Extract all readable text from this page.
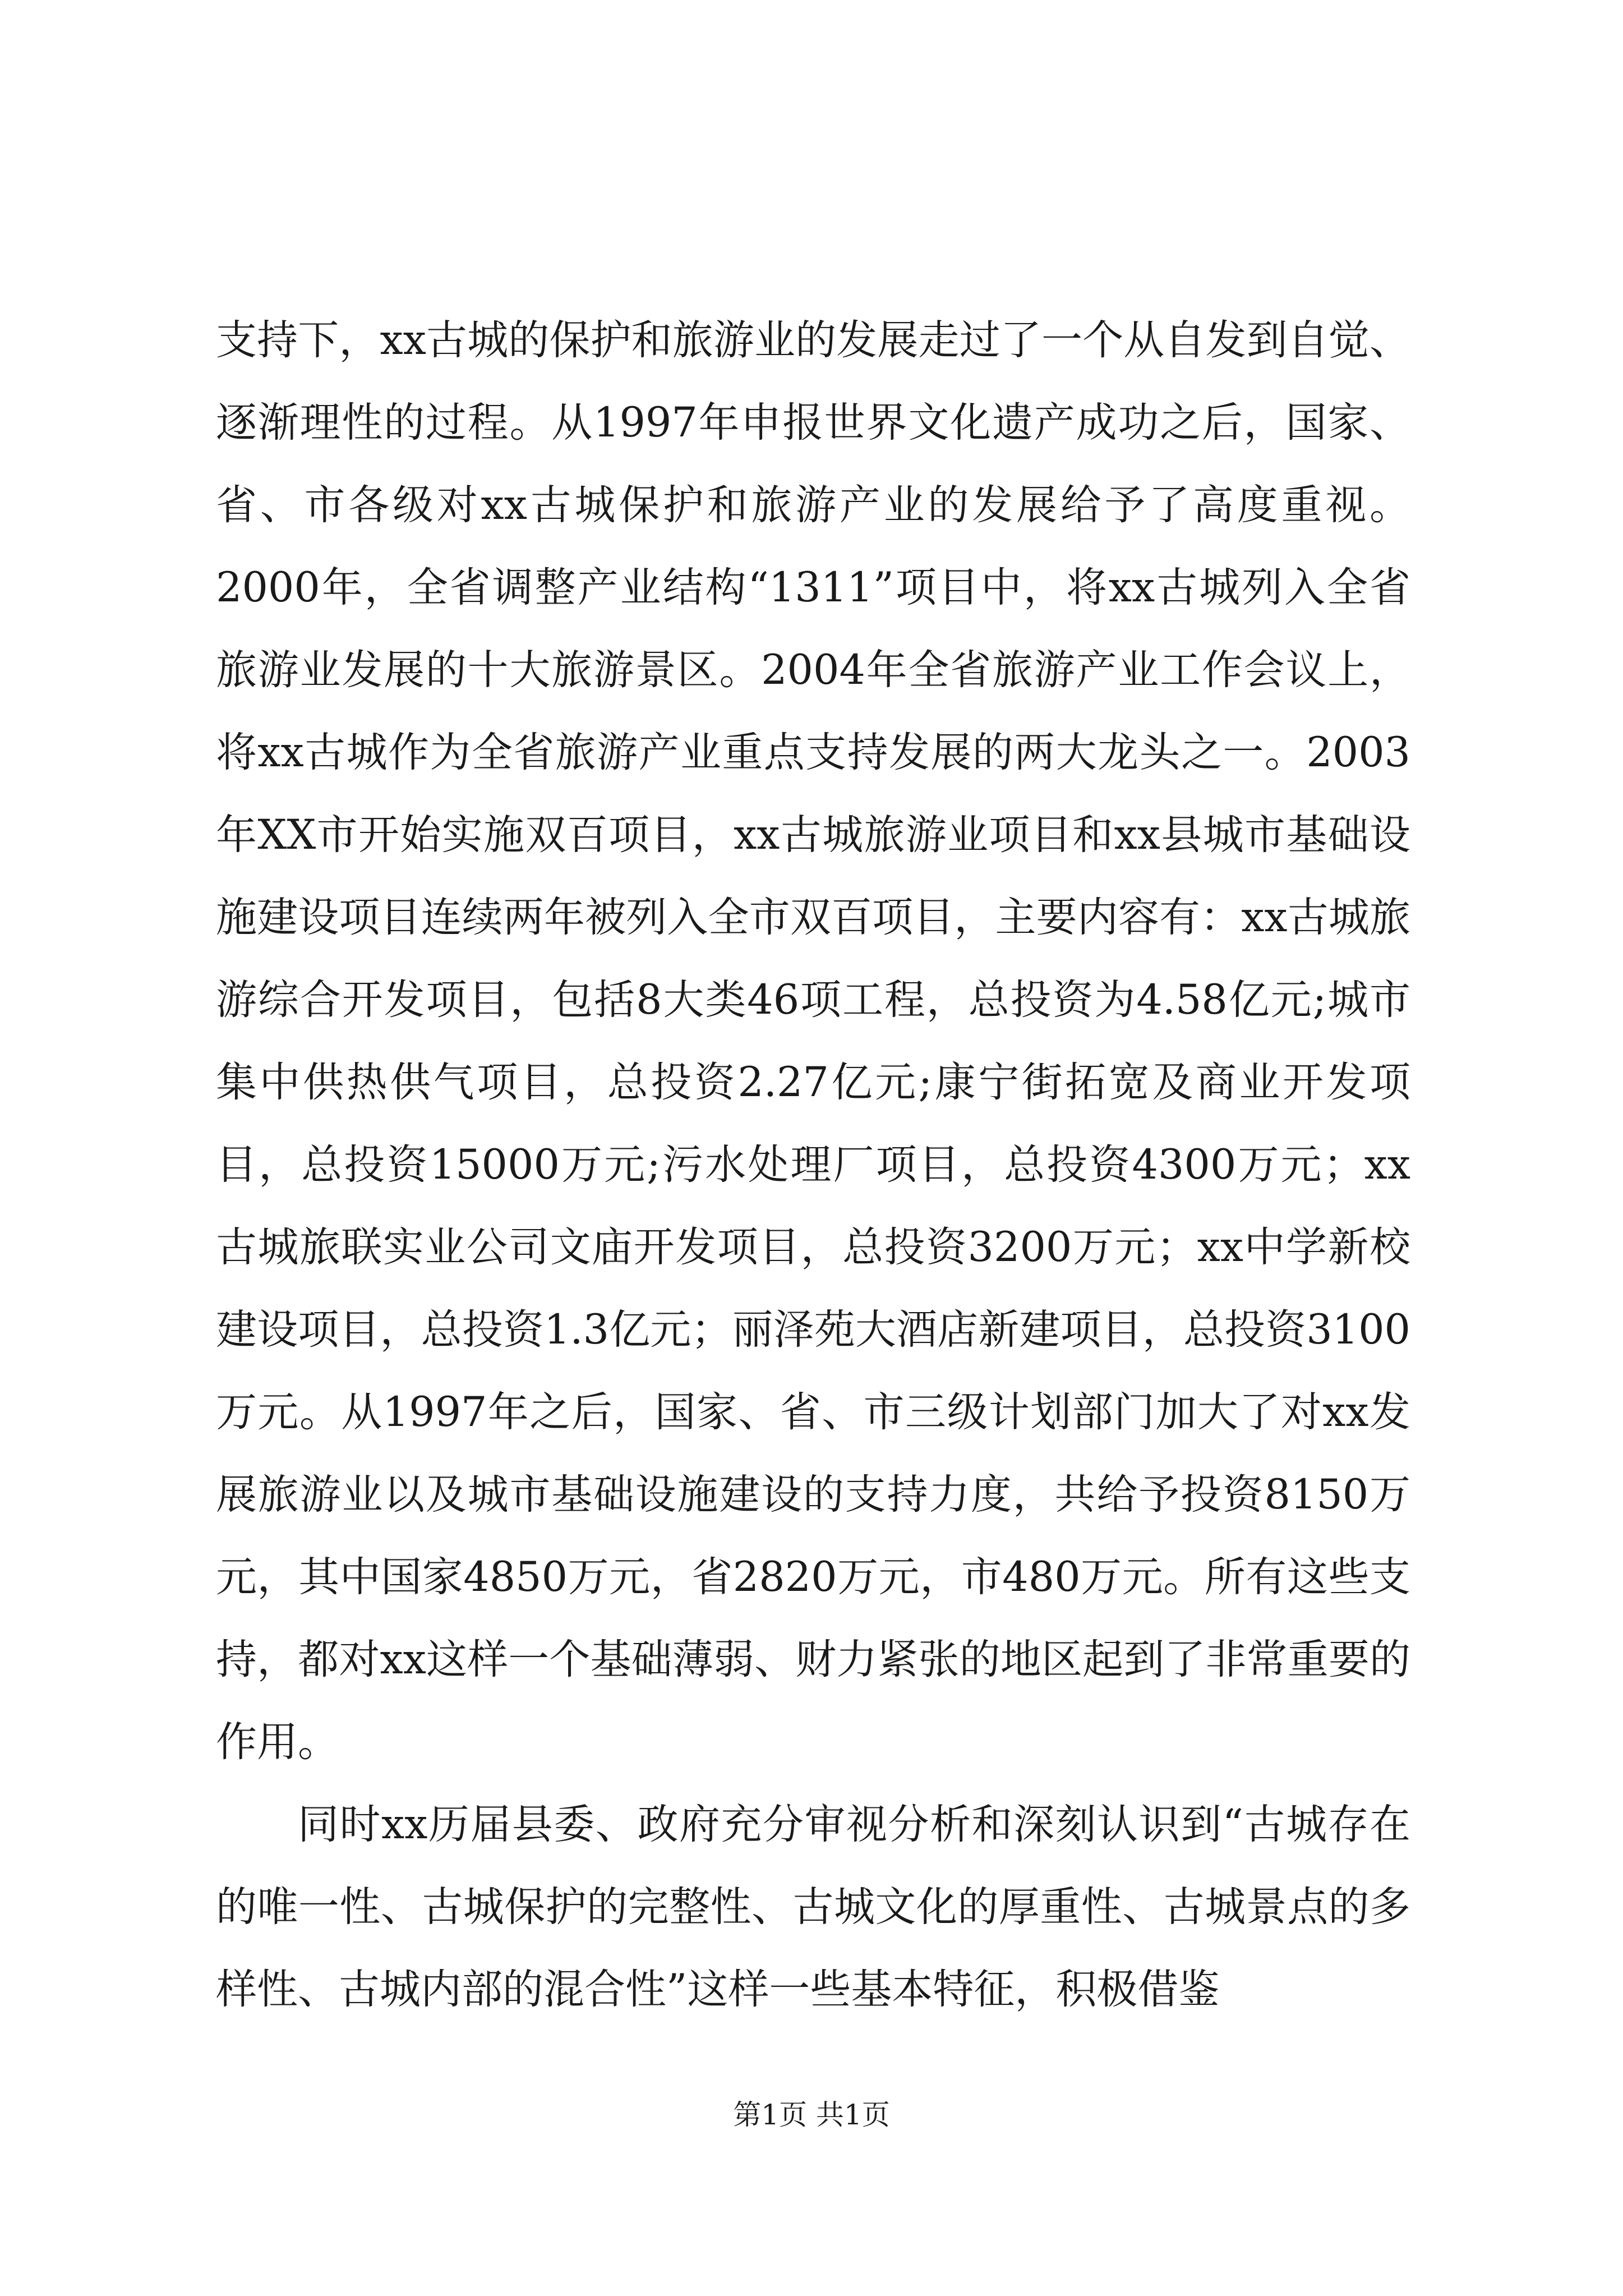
支持下，xx古城的保护和旅游业的发展走过了一个从自发到自觉、逐渐理性的过程。从1997年申报世界文化遗产成功之后，国家、省、市各级对xx古城保护和旅游产业的发展给予了高度重视。2000年，全省调整产业结构“1311”项目中，将xx古城列入全省旅游业发展的十大旅游景区。2004年全省旅游产业工作会议上，将xx古城作为全省旅游产业重点支持发展的两大龙头之一。2003年XX市开始实施双百项目，xx古城旅游业项目和xx县城市基础设施建设项目连续两年被列入全市双百项目，主要内容有：xx古城旅游综合开发项目，包括8大类46项工程，总投资为4.58亿元;城市集中供热供气项目，总投资2.27亿元;康宁街拓宽及商业开发项目，总投资15000万元;污水处理厂项目，总投资4300万元；xx古城旅联实业公司文庙开发项目，总投资3200万元；xx中学新校建设项目，总投资1.3亿元；丽泽苑大酒店新建项目，总投资3100万元。从1997年之后，国家、省、市三级计划部门加大了对xx发展旅游业以及城市基础设施建设的支持力度，共给予投资8150万元，其中国家4850万元，省2820万元，市480万元。所有这些支持，都对xx这样一个基础薄弱、财力紧张的地区起到了非常重要的作用。

同时xx历届县委、政府充分审视分析和深刻认识到“古城存在的唯一性、古城保护的完整性、古城文化的厚重性、古城景点的多样性、古城内部的混合性”这样一些基本特征，积极借鉴

第1页 共1页
